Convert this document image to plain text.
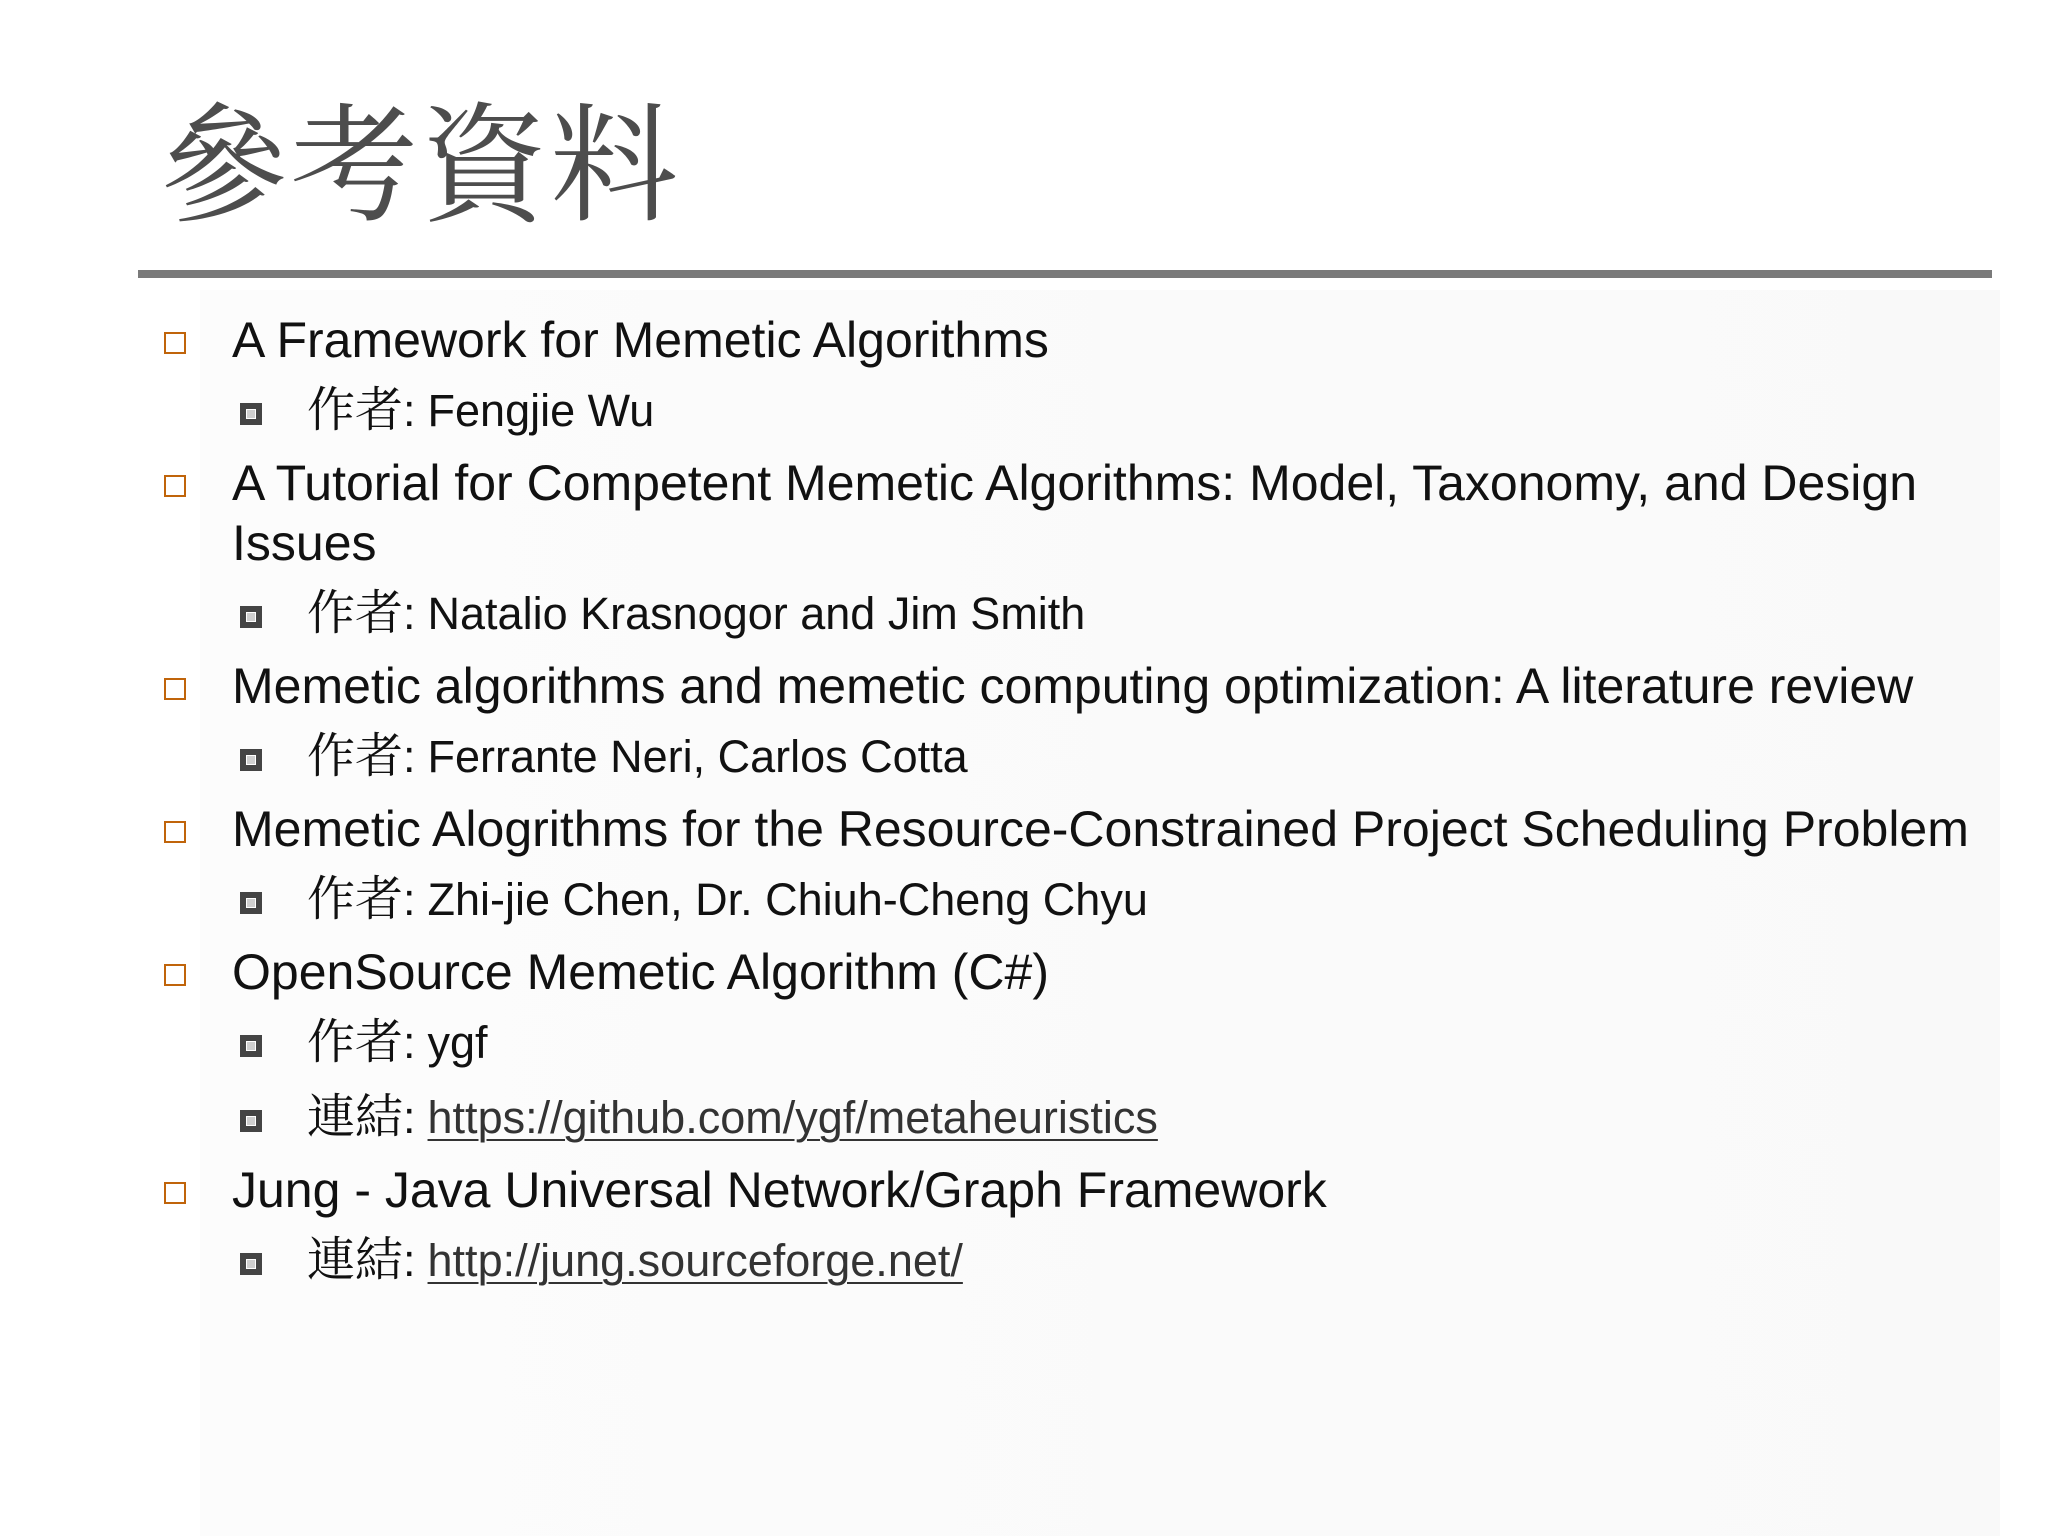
參考資料
A Framework for Memetic Algorithms
作者: Fengjie Wu
A Tutorial for Competent Memetic Algorithms: Model, Taxonomy, and Design Issues
作者: Natalio Krasnogor and Jim Smith
Memetic algorithms and memetic computing optimization: A literature review
作者: Ferrante Neri, Carlos Cotta
Memetic Alogrithms for the Resource-Constrained Project Scheduling Problem
作者: Zhi-jie Chen, Dr. Chiuh-Cheng Chyu
OpenSource Memetic Algorithm (C#)
作者: ygf
連結: https://github.com/ygf/metaheuristics
Jung - Java Universal Network/Graph Framework
連結: http://jung.sourceforge.net/
